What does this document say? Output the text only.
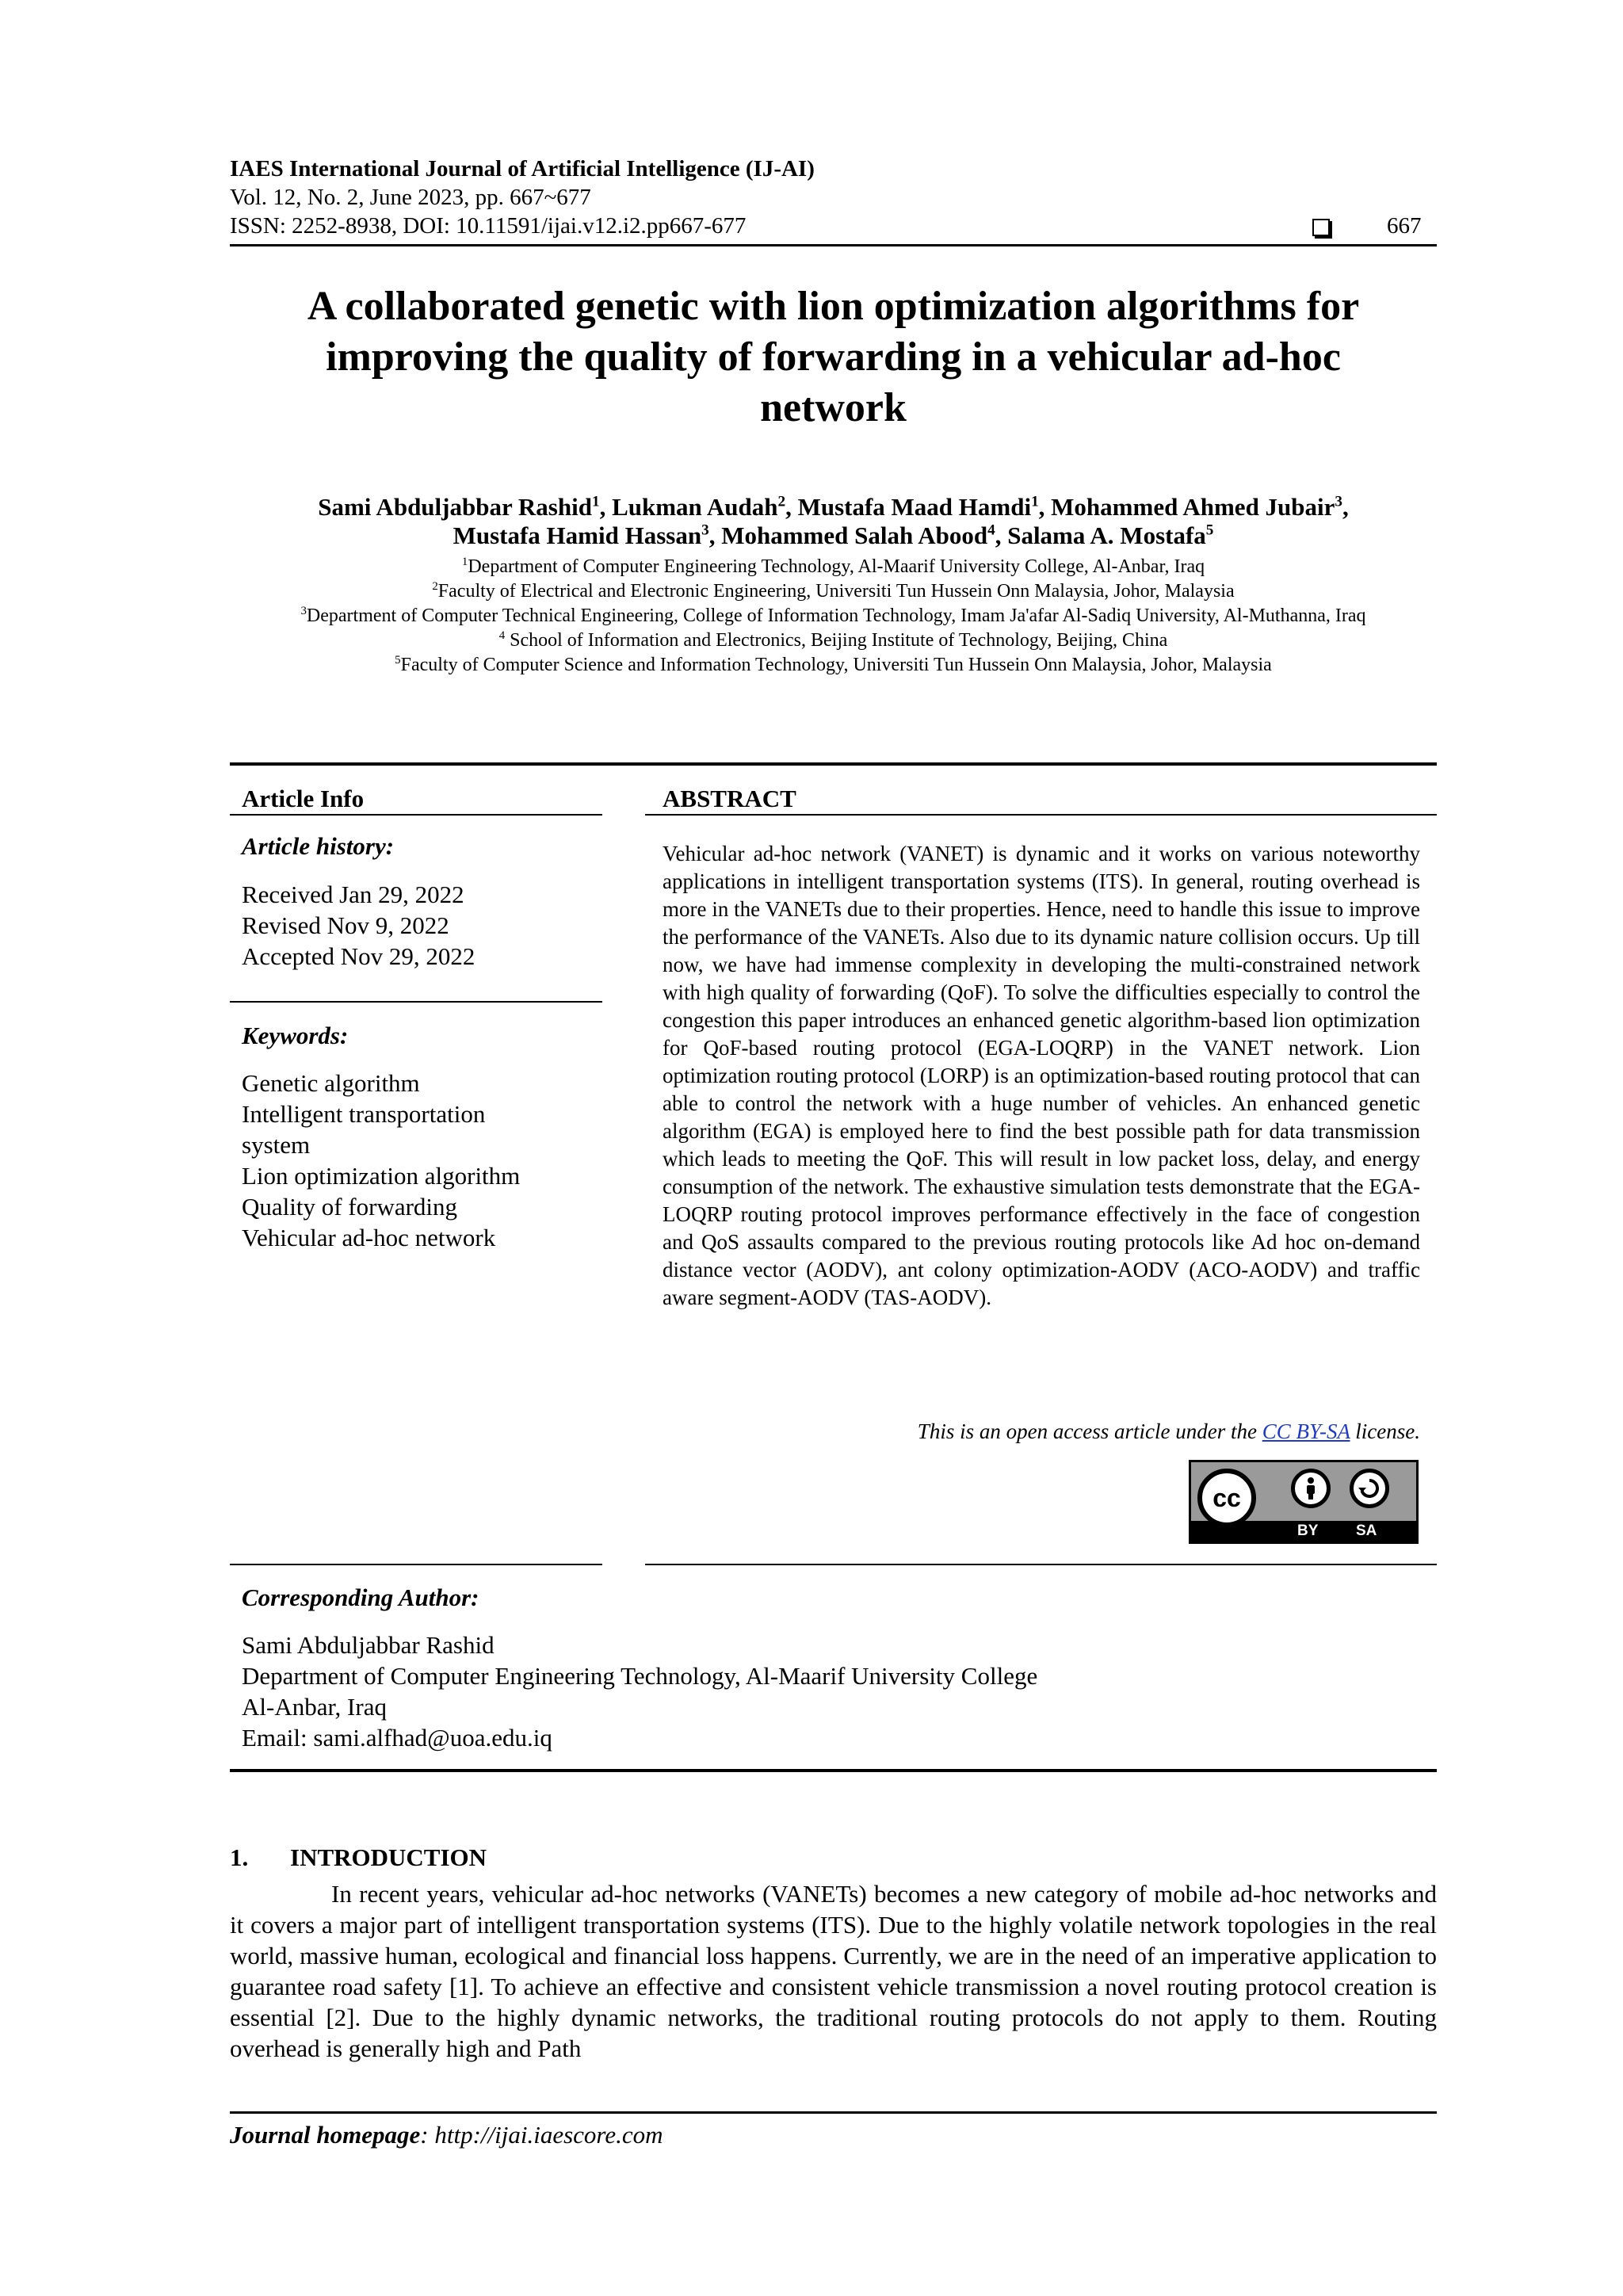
IAES International Journal of Artificial Intelligence (IJ-AI)
Vol. 12, No. 2, June 2023, pp. 667~677
ISSN: 2252-8938, DOI: 10.11591/ijai.v12.i2.pp667-677	667
A collaborated genetic with lion optimization algorithms for
improving the quality of forwarding in a vehicular ad-hoc
network
Sami Abduljabbar Rashid$^1$, Lukman Audah$^2$, Mustafa Maad Hamdi$^1$, Mohammed Ahmed Jubair$^3$,
Mustafa Hamid Hassan$^3$, Mohammed Salah Abood$^4$, Salama A. Mostafa$^5$
$^1$Department of Computer Engineering Technology, Al-Maarif University College, Al-Anbar, Iraq
$^2$Faculty of Electrical and Electronic Engineering, Universiti Tun Hussein Onn Malaysia, Johor, Malaysia
$^3$Department of Computer Technical Engineering, College of Information Technology, Imam Ja'afar Al-Sadiq University, Al-Muthanna, Iraq
$^4$ School of Information and Electronics, Beijing Institute of Technology, Beijing, China
$^5$Faculty of Computer Science and Information Technology, Universiti Tun Hussein Onn Malaysia, Johor, Malaysia
Article Info	ABSTRACT
Article history:
Received Jan 29, 2022
Revised Nov 9, 2022
Accepted Nov 29, 2022
Keywords:
Genetic algorithm
Intelligent transportation
system
Lion optimization algorithm
Quality of forwarding
Vehicular ad-hoc network
Vehicular ad-hoc network (VANET) is dynamic and it works on various noteworthy applications in intelligent transportation systems (ITS). In general, routing overhead is more in the VANETs due to their properties. Hence, need to handle this issue to improve the performance of the VANETs. Also due to its dynamic nature collision occurs. Up till now, we have had immense complexity in developing the multi-constrained network with high quality of forwarding (QoF). To solve the difficulties especially to control the congestion this paper introduces an enhanced genetic algorithm-based lion optimization for QoF-based routing protocol (EGA-LOQRP) in the VANET network. Lion optimization routing protocol (LORP) is an optimization-based routing protocol that can able to control the network with a huge number of vehicles. An enhanced genetic algorithm (EGA) is employed here to find the best possible path for data transmission which leads to meeting the QoF. This will result in low packet loss, delay, and energy consumption of the network. The exhaustive simulation tests demonstrate that the EGA-LOQRP routing protocol improves performance effectively in the face of congestion and QoS assaults compared to the previous routing protocols like Ad hoc on-demand distance vector (AODV), ant colony optimization-AODV (ACO-AODV) and traffic aware segment-AODV (TAS-AODV).
This is an open access article under the CC BY-SA license.
cc
BY	SA
Corresponding Author:
Sami Abduljabbar Rashid
Department of Computer Engineering Technology, Al-Maarif University College
Al-Anbar, Iraq
Email: sami.alfhad@uoa.edu.iq
1. INTRODUCTION
In recent years, vehicular ad-hoc networks (VANETs) becomes a new category of mobile ad-hoc networks and it covers a major part of intelligent transportation systems (ITS). Due to the highly volatile network topologies in the real world, massive human, ecological and financial loss happens. Currently, we are in the need of an imperative application to guarantee road safety [1]. To achieve an effective and consistent vehicle transmission a novel routing protocol creation is essential [2]. Due to the highly dynamic networks, the traditional routing protocols do not apply to them. Routing overhead is generally high and Path
Journal homepage: http://ijai.iaescore.com
